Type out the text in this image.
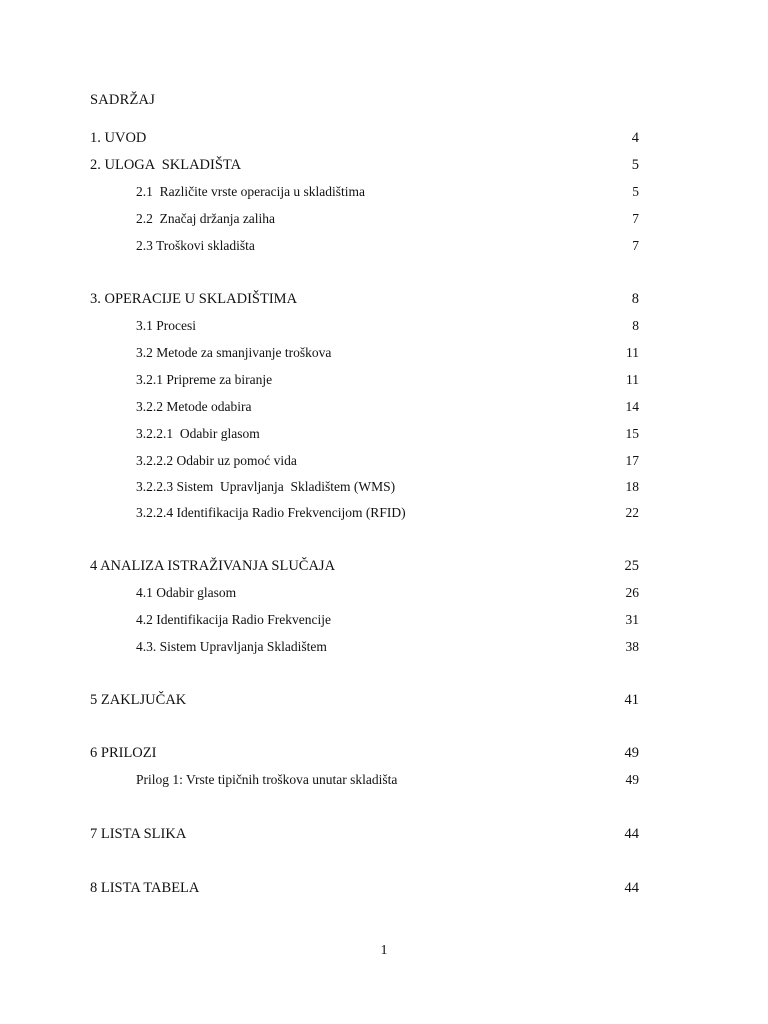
SADRŽAJ
1. UVOD	4
2. ULOGA  SKLADIŠTA	5
2.1  Različite vrste operacija u skladištima	5
2.2  Značaj držanja zaliha	7
2.3 Troškovi skladišta	7
3. OPERACIJE U SKLADIŠTIMA	8
3.1 Procesi	8
3.2 Metode za smanjivanje troškova	11
3.2.1 Pripreme za biranje	11
3.2.2 Metode odabira	14
3.2.2.1  Odabir glasom	15
3.2.2.2 Odabir uz pomoć vida	17
3.2.2.3 Sistem  Upravljanja  Skladištem (WMS)	18
3.2.2.4 Identifikacija Radio Frekvencijom (RFID)	22
4 ANALIZA ISTRAŽIVANJA SLUČAJA	25
4.1 Odabir glasom	26
4.2 Identifikacija Radio Frekvencije	31
4.3. Sistem Upravljanja Skladištem	38
5 ZAKLJUČAK	41
6 PRILOZI	49
Prilog 1: Vrste tipičnih troškova unutar skladišta	49
7 LISTA SLIKA	44
8 LISTA TABELA	44
1
